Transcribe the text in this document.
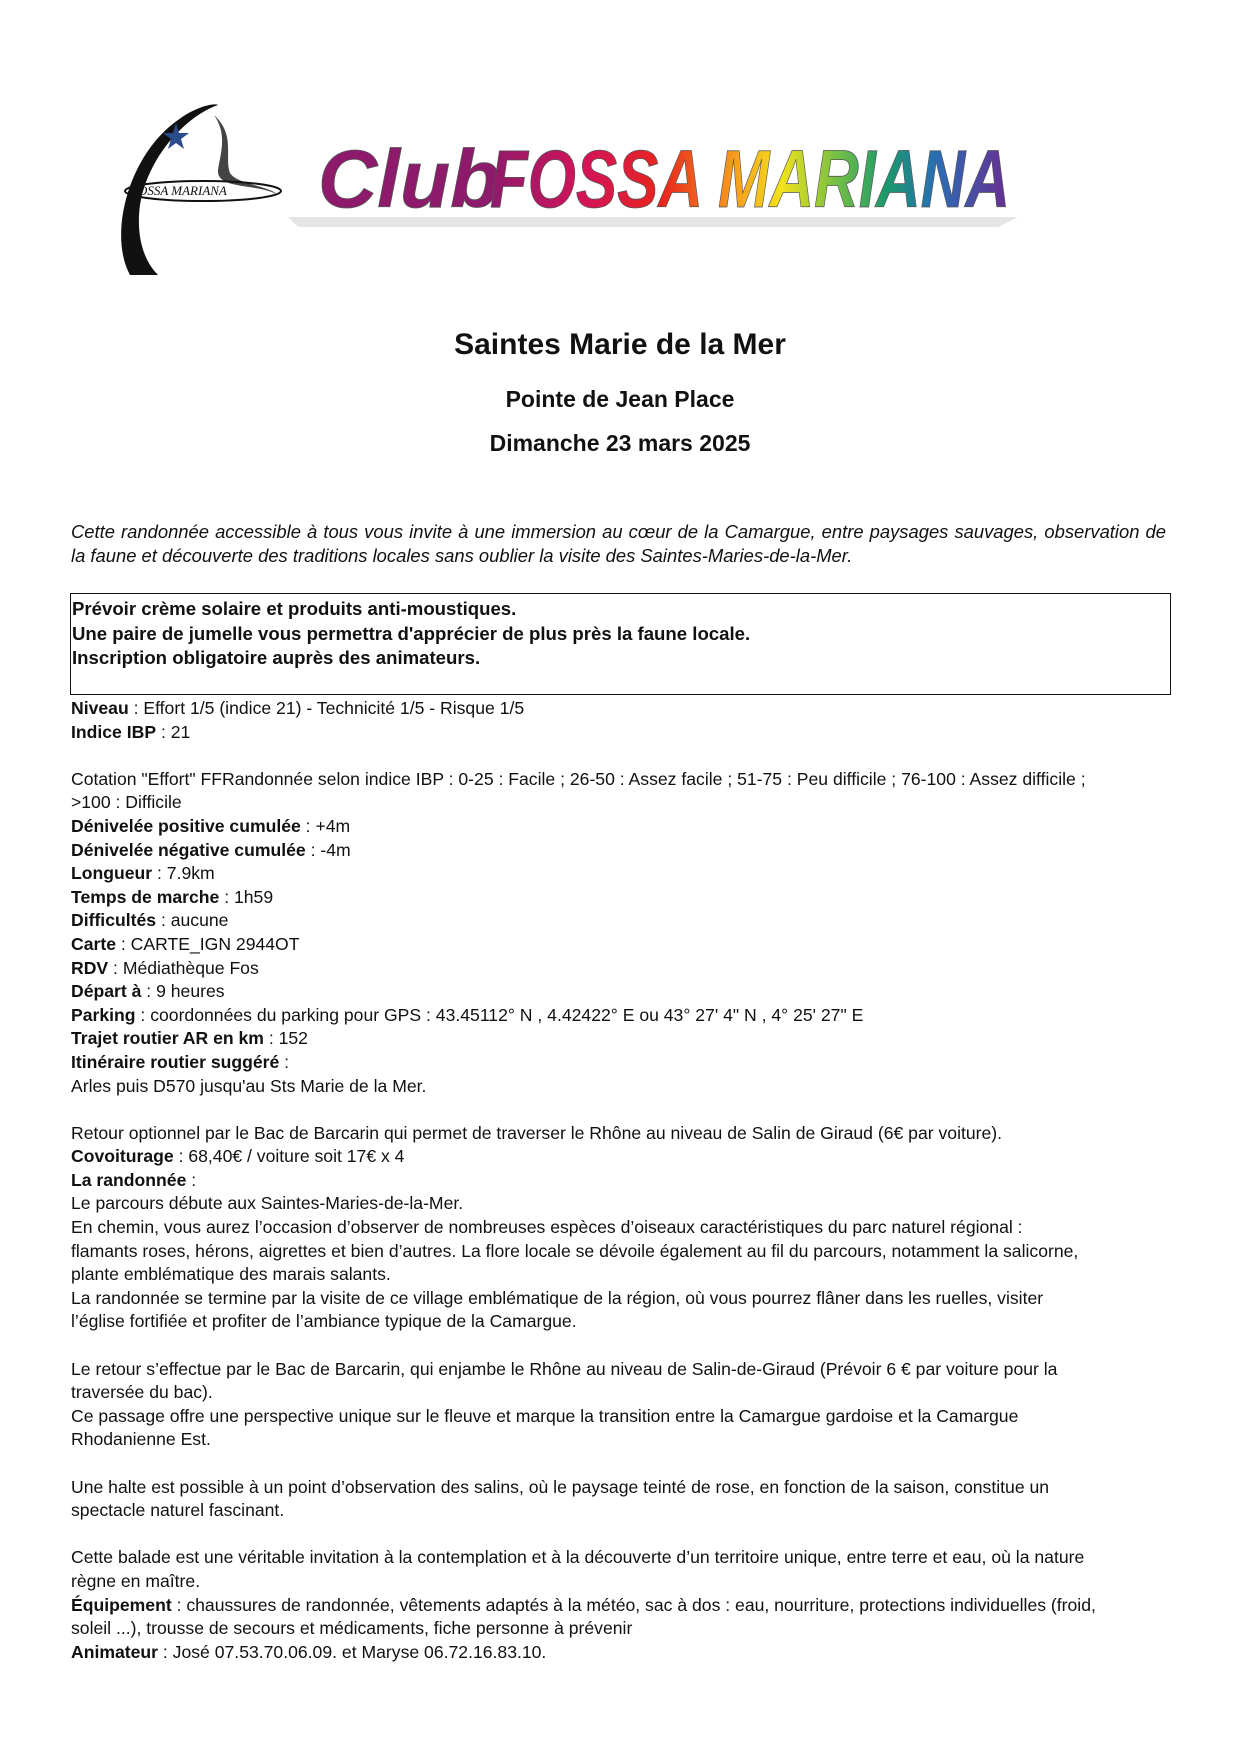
FOSSA MARIANA Club
FOSSA MARIANA
Saintes Marie de la Mer
Pointe de Jean Place
Dimanche 23 mars 2025
Cette randonnée accessible à tous vous invite à une immersion au cœur de la Camargue, entre paysages sauvages, observation de la faune et découverte des traditions locales sans oublier la visite des Saintes-Maries-de-la-Mer.
Prévoir crème solaire et produits anti-moustiques.
Une paire de jumelle vous permettra d'apprécier de plus près la faune locale.
Inscription obligatoire auprès des animateurs.
Niveau : Effort 1/5 (indice 21) - Technicité 1/5 - Risque 1/5
Indice IBP : 21
Cotation "Effort" FFRandonnée selon indice IBP : 0-25 : Facile ; 26-50 : Assez facile ; 51-75 : Peu difficile ; 76-100 : Assez difficile ;
>100 : Difficile
Dénivelée positive cumulée : +4m
Dénivelée négative cumulée : -4m
Longueur : 7.9km
Temps de marche : 1h59
Difficultés : aucune
Carte : CARTE_IGN 2944OT
RDV : Médiathèque Fos
Départ à : 9 heures
Parking : coordonnées du parking pour GPS : 43.45112° N , 4.42422° E ou 43° 27' 4" N , 4° 25' 27" E
Trajet routier AR en km : 152
Itinéraire routier suggéré :
Arles puis D570 jusqu'au Sts Marie de la Mer.
Retour optionnel par le Bac de Barcarin qui permet de traverser le Rhône au niveau de Salin de Giraud (6€ par voiture).
Covoiturage : 68,40€ / voiture soit 17€ x 4
La randonnée :
Le parcours débute aux Saintes-Maries-de-la-Mer.
En chemin, vous aurez l’occasion d’observer de nombreuses espèces d’oiseaux caractéristiques du parc naturel régional :
flamants roses, hérons, aigrettes et bien d’autres. La flore locale se dévoile également au fil du parcours, notamment la salicorne,
plante emblématique des marais salants.
La randonnée se termine par la visite de ce village emblématique de la région, où vous pourrez flâner dans les ruelles, visiter
l’église fortifiée et profiter de l’ambiance typique de la Camargue.
Le retour s’effectue par le Bac de Barcarin, qui enjambe le Rhône au niveau de Salin-de-Giraud (Prévoir 6 € par voiture pour la
traversée du bac).
Ce passage offre une perspective unique sur le fleuve et marque la transition entre la Camargue gardoise et la Camargue
Rhodanienne Est.
Une halte est possible à un point d’observation des salins, où le paysage teinté de rose, en fonction de la saison, constitue un
spectacle naturel fascinant.
Cette balade est une véritable invitation à la contemplation et à la découverte d’un territoire unique, entre terre et eau, où la nature
règne en maître.
Équipement : chaussures de randonnée, vêtements adaptés à la météo, sac à dos : eau, nourriture, protections individuelles (froid,
soleil ...), trousse de secours et médicaments, fiche personne à prévenir
Animateur : José 07.53.70.06.09. et Maryse 06.72.16.83.10.
